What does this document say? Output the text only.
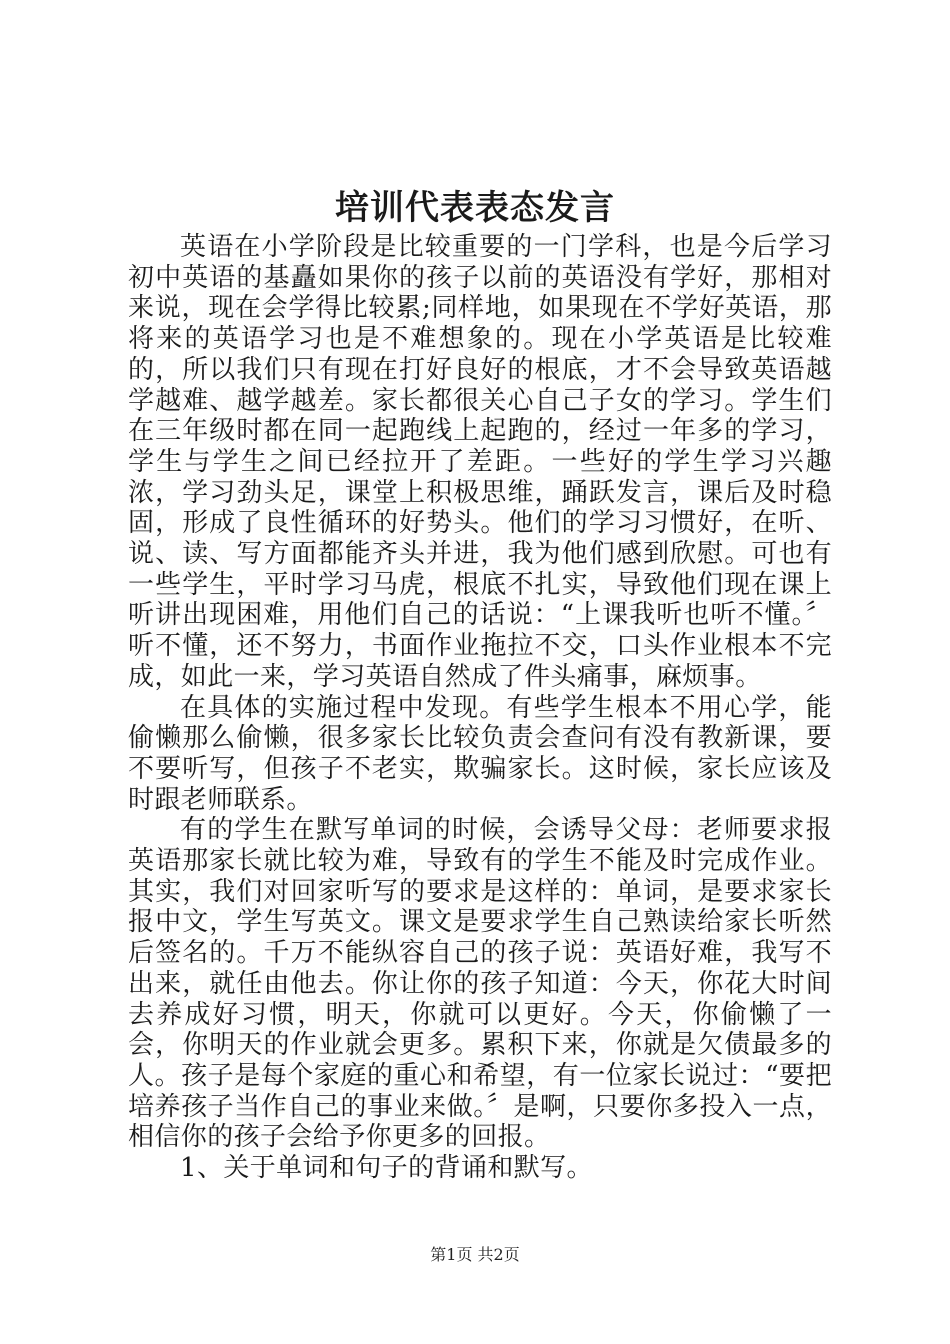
培训代表表态发言

英语在小学阶段是比较重要的一门学科，也是今后学习初中英语的基矗如果你的孩子以前的英语没有学好，那相对来说，现在会学得比较累;同样地，如果现在不学好英语，那将来的英语学习也是不难想象的。现在小学英语是比较难的，所以我们只有现在打好良好的根底，才不会导致英语越学越难、越学越差。家长都很关心自己子女的学习。学生们在三年级时都在同一起跑线上起跑的，经过一年多的学习，学生与学生之间已经拉开了差距。一些好的学生学习兴趣浓，学习劲头足，课堂上积极思维，踊跃发言，课后及时稳固，形成了良性循环的好势头。他们的学习习惯好，在听、说、读、写方面都能齐头并进，我为他们感到欣慰。可也有一些学生，平时学习马虎，根底不扎实，导致他们现在课上听讲出现困难，用他们自己的话说：“上课我听也听不懂。〞听不懂，还不努力，书面作业拖拉不交，口头作业根本不完成，如此一来，学习英语自然成了件头痛事，麻烦事。

在具体的实施过程中发现。有些学生根本不用心学，能偷懒那么偷懒，很多家长比较负责会查问有没有教新课，要不要听写，但孩子不老实，欺骗家长。这时候，家长应该及时跟老师联系。

有的学生在默写单词的时候，会诱导父母：老师要求报英语那家长就比较为难，导致有的学生不能及时完成作业。其实，我们对回家听写的要求是这样的：单词，是要求家长报中文，学生写英文。课文是要求学生自己熟读给家长听然后签名的。千万不能纵容自己的孩子说：英语好难，我写不出来，就任由他去。你让你的孩子知道：今天，你花大时间去养成好习惯，明天，你就可以更好。今天，你偷懒了一会，你明天的作业就会更多。累积下来，你就是欠债最多的人。孩子是每个家庭的重心和希望，有一位家长说过：“要把培养孩子当作自己的事业来做。〞是啊，只要你多投入一点，相信你的孩子会给予你更多的回报。

1、关于单词和句子的背诵和默写。

第1页 共2页
